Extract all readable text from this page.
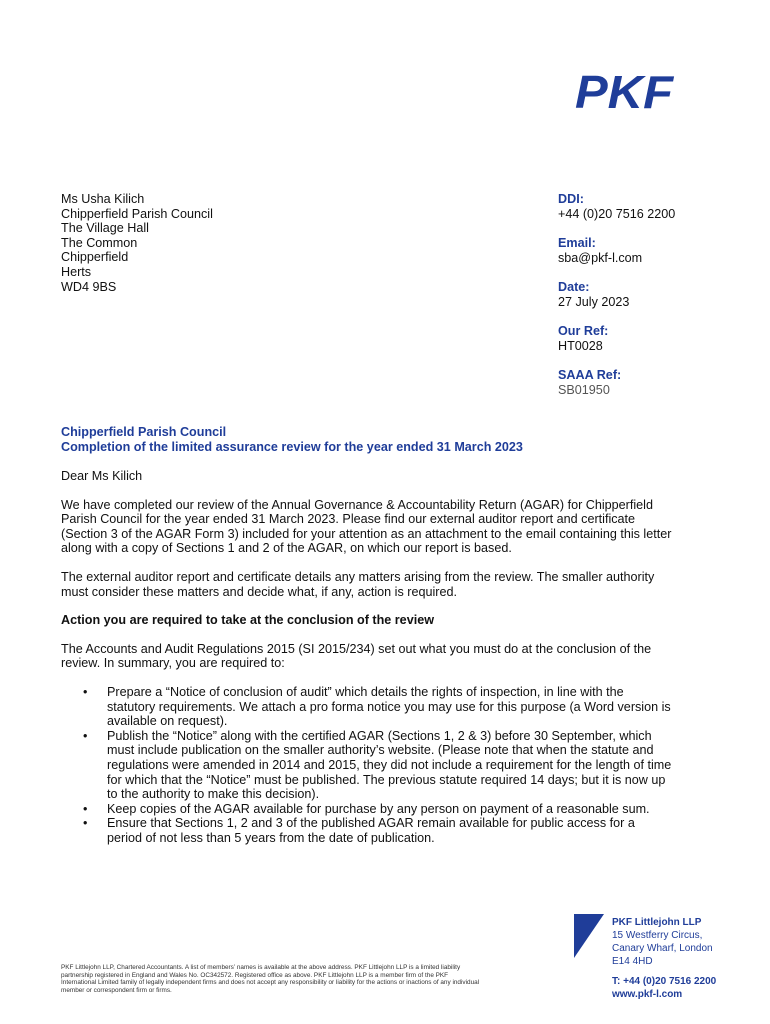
PKF
Ms Usha Kilich
Chipperfield Parish Council
The Village Hall
The Common
Chipperfield
Herts
WD4 9BS
DDI:
+44 (0)20 7516 2200
Email:
sba@pkf-l.com
Date:
27 July 2023
Our Ref:
HT0028
SAAA Ref:
SB01950
Chipperfield Parish Council
Completion of the limited assurance review for the year ended 31 March 2023

Dear Ms Kilich

We have completed our review of the Annual Governance & Accountability Return (AGAR) for Chipperfield Parish Council for the year ended 31 March 2023. Please find our external auditor report and certificate (Section 3 of the AGAR Form 3) included for your attention as an attachment to the email containing this letter along with a copy of Sections 1 and 2 of the AGAR, on which our report is based.

The external auditor report and certificate details any matters arising from the review. The smaller authority must consider these matters and decide what, if any, action is required.

Action you are required to take at the conclusion of the review

The Accounts and Audit Regulations 2015 (SI 2015/234) set out what you must do at the conclusion of the review. In summary, you are required to:

• Prepare a “Notice of conclusion of audit” which details the rights of inspection, in line with the statutory requirements. We attach a pro forma notice you may use for this purpose (a Word version is available on request).
• Publish the “Notice” along with the certified AGAR (Sections 1, 2 & 3) before 30 September, which must include publication on the smaller authority’s website. (Please note that when the statute and regulations were amended in 2014 and 2015, they did not include a requirement for the length of time for which that the “Notice” must be published. The previous statute required 14 days; but it is now up to the authority to make this decision).
• Keep copies of the AGAR available for purchase by any person on payment of a reasonable sum.
• Ensure that Sections 1, 2 and 3 of the published AGAR remain available for public access for a period of not less than 5 years from the date of publication.
PKF Littlejohn LLP
15 Westferry Circus,
Canary Wharf, London
E14 4HD
T: +44 (0)20 7516 2200
www.pkf-l.com
PKF Littlejohn LLP, Chartered Accountants. A list of members’ names is available at the above address. PKF Littlejohn LLP is a limited liability partnership registered in England and Wales No. OC342572. Registered office as above. PKF Littlejohn LLP is a member firm of the PKF International Limited family of legally independent firms and does not accept any responsibility or liability for the actions or inactions of any individual member or correspondent firm or firms.
